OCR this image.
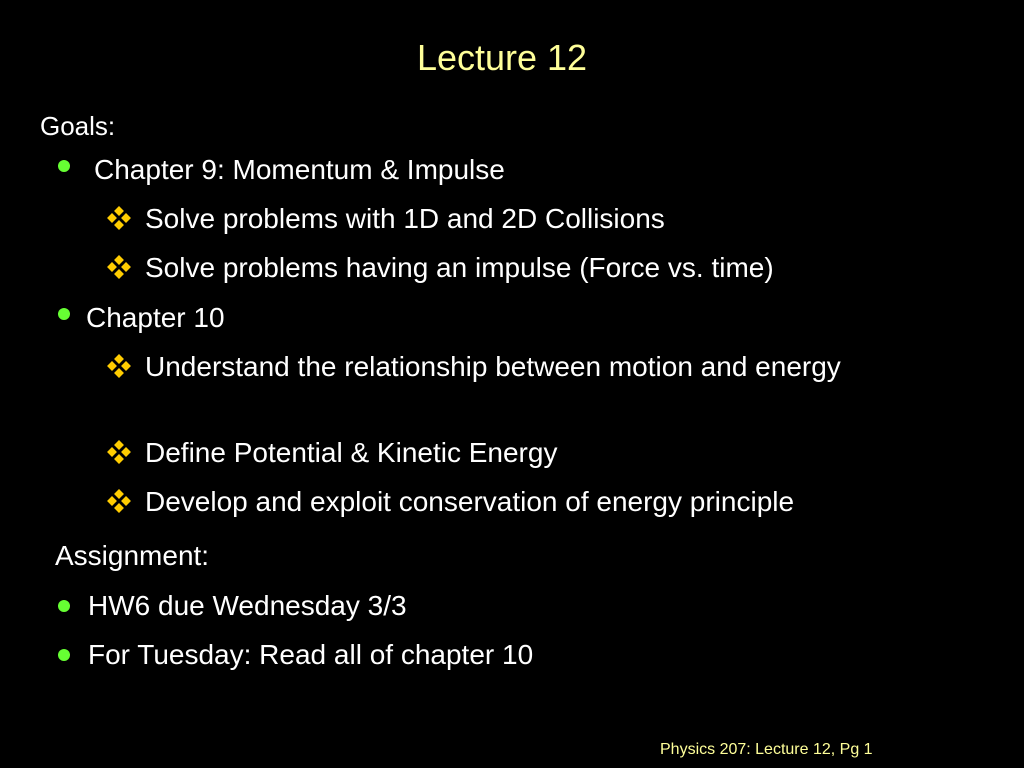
Lecture 12
Goals:
Chapter 9: Momentum & Impulse
Solve problems with 1D and 2D Collisions
Solve problems having an impulse (Force vs. time)
Chapter 10
Understand the relationship between motion and energy
Define Potential & Kinetic Energy
Develop and exploit conservation of energy principle
Assignment:
HW6 due Wednesday 3/3
For Tuesday: Read all of chapter 10
Physics 207: Lecture 12, Pg 1
